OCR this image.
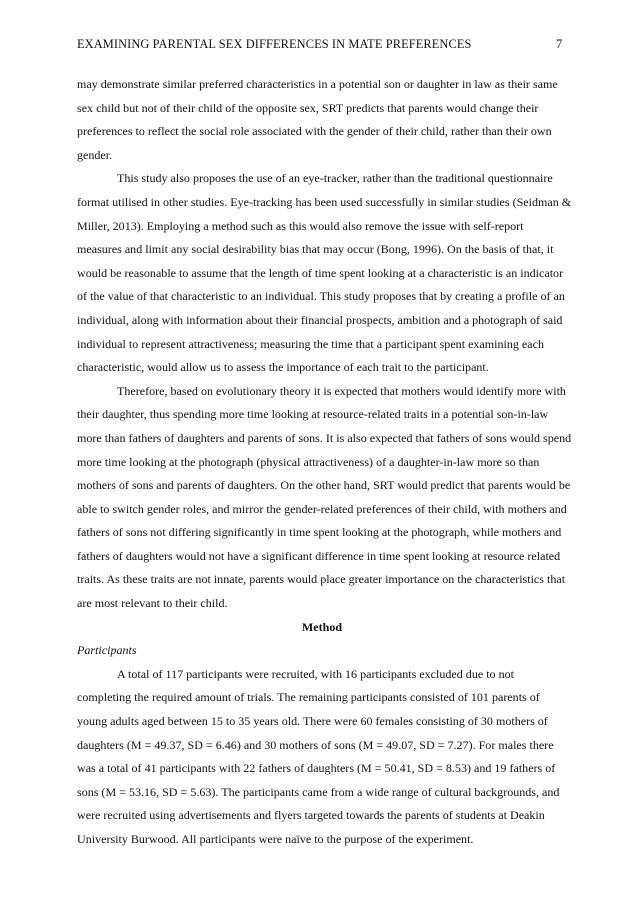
EXAMINING PARENTAL SEX DIFFERENCES IN MATE PREFERENCES	7

may demonstrate similar preferred characteristics in a potential son or daughter in law as their same
sex child but not of their child of the opposite sex, SRT predicts that parents would change their
preferences to reflect the social role associated with the gender of their child, rather than their own
gender.

This study also proposes the use of an eye-tracker, rather than the traditional questionnaire
format utilised in other studies. Eye-tracking has been used successfully in similar studies (Seidman &
Miller, 2013). Employing a method such as this would also remove the issue with self-report
measures and limit any social desirability bias that may occur (Bong, 1996). On the basis of that, it
would be reasonable to assume that the length of time spent looking at a characteristic is an indicator
of the value of that characteristic to an individual. This study proposes that by creating a profile of an
individual, along with information about their financial prospects, ambition and a photograph of said
individual to represent attractiveness; measuring the time that a participant spent examining each
characteristic, would allow us to assess the importance of each trait to the participant.

Therefore, based on evolutionary theory it is expected that mothers would identify more with
their daughter, thus spending more time looking at resource-related traits in a potential son-in-law
more than fathers of daughters and parents of sons. It is also expected that fathers of sons would spend
more time looking at the photograph (physical attractiveness) of a daughter-in-law more so than
mothers of sons and parents of daughters. On the other hand, SRT would predict that parents would be
able to switch gender roles, and mirror the gender-related preferences of their child, with mothers and
fathers of sons not differing significantly in time spent looking at the photograph, while mothers and
fathers of daughters would not have a significant difference in time spent looking at resource related
traits. As these traits are not innate, parents would place greater importance on the characteristics that
are most relevant to their child.

Method

Participants

A total of 117 participants were recruited, with 16 participants excluded due to not
completing the required amount of trials. The remaining participants consisted of 101 parents of
young adults aged between 15 to 35 years old. There were 60 females consisting of 30 mothers of
daughters (M = 49.37, SD = 6.46) and 30 mothers of sons (M = 49.07, SD = 7.27). For males there
was a total of 41 participants with 22 fathers of daughters (M = 50.41, SD = 8.53) and 19 fathers of
sons (M = 53.16, SD = 5.63). The participants came from a wide range of cultural backgrounds, and
were recruited using advertisements and flyers targeted towards the parents of students at Deakin
University Burwood. All participants were naïve to the purpose of the experiment.
